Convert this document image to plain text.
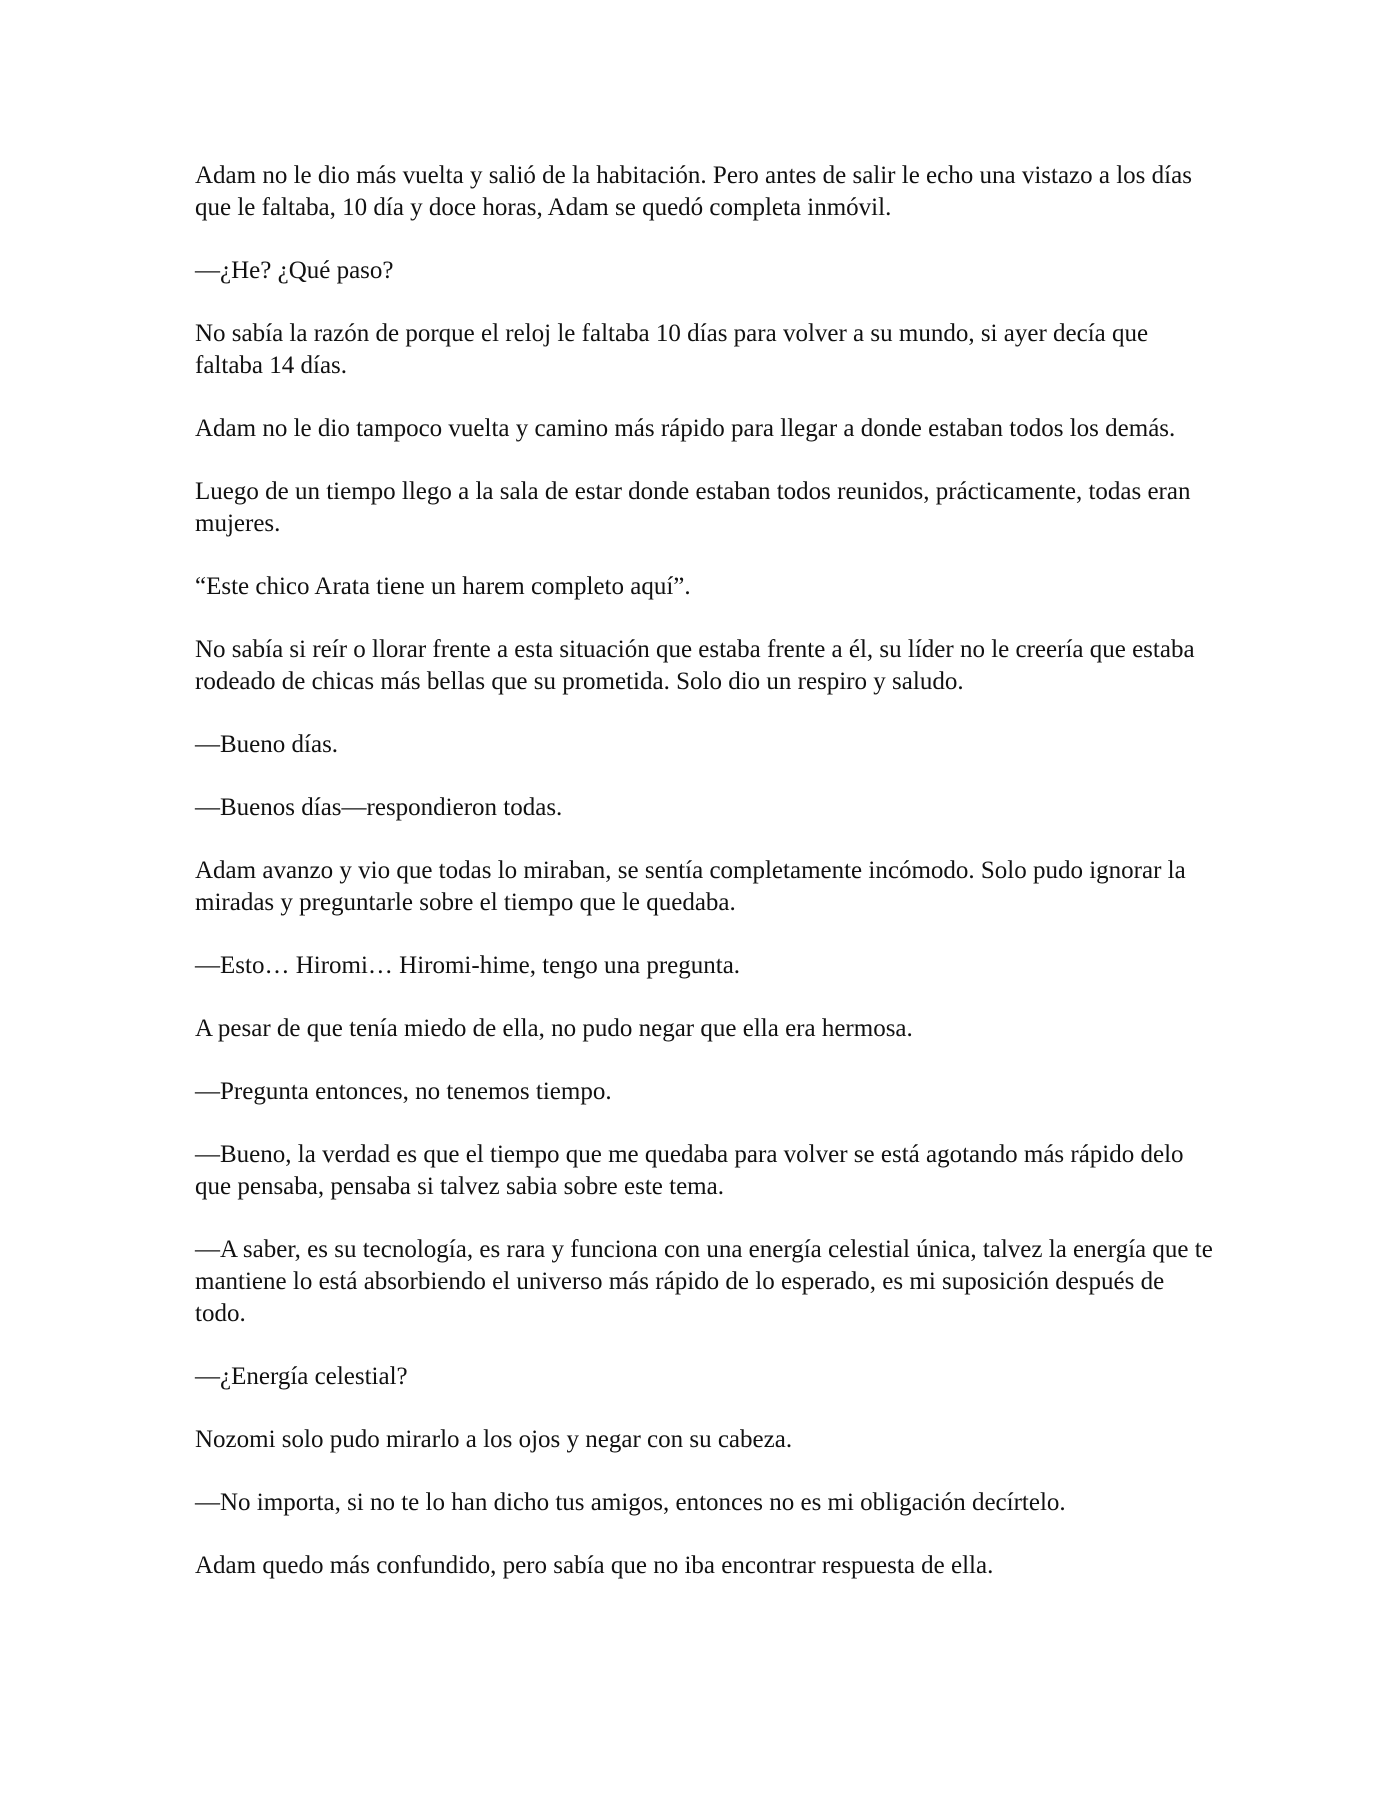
Adam no le dio más vuelta y salió de la habitación. Pero antes de salir le echo una vistazo a los días que le faltaba, 10 día y doce horas, Adam se quedó completa inmóvil.

—¿He? ¿Qué paso?

No sabía la razón de porque el reloj le faltaba 10 días para volver a su mundo, si ayer decía que faltaba 14 días.

Adam no le dio tampoco vuelta y camino más rápido para llegar a donde estaban todos los demás.

Luego de un tiempo llego a la sala de estar donde estaban todos reunidos, prácticamente, todas eran mujeres.

“Este chico Arata tiene un harem completo aquí”.

No sabía si reír o llorar frente a esta situación que estaba frente a él, su líder no le creería que estaba rodeado de chicas más bellas que su prometida. Solo dio un respiro y saludo.

—Bueno días.

—Buenos días—respondieron todas.

Adam avanzo y vio que todas lo miraban, se sentía completamente incómodo. Solo pudo ignorar la miradas y preguntarle sobre el tiempo que le quedaba.

—Esto… Hiromi… Hiromi-hime, tengo una pregunta.

A pesar de que tenía miedo de ella, no pudo negar que ella era hermosa.

—Pregunta entonces, no tenemos tiempo.

—Bueno, la verdad es que el tiempo que me quedaba para volver se está agotando más rápido delo que pensaba, pensaba si talvez sabia sobre este tema.

—A saber, es su tecnología, es rara y funciona con una energía celestial única, talvez la energía que te mantiene lo está absorbiendo el universo más rápido de lo esperado, es mi suposición después de todo.

—¿Energía celestial?

Nozomi solo pudo mirarlo a los ojos y negar con su cabeza.

—No importa, si no te lo han dicho tus amigos, entonces no es mi obligación decírtelo.

Adam quedo más confundido, pero sabía que no iba encontrar respuesta de ella.
